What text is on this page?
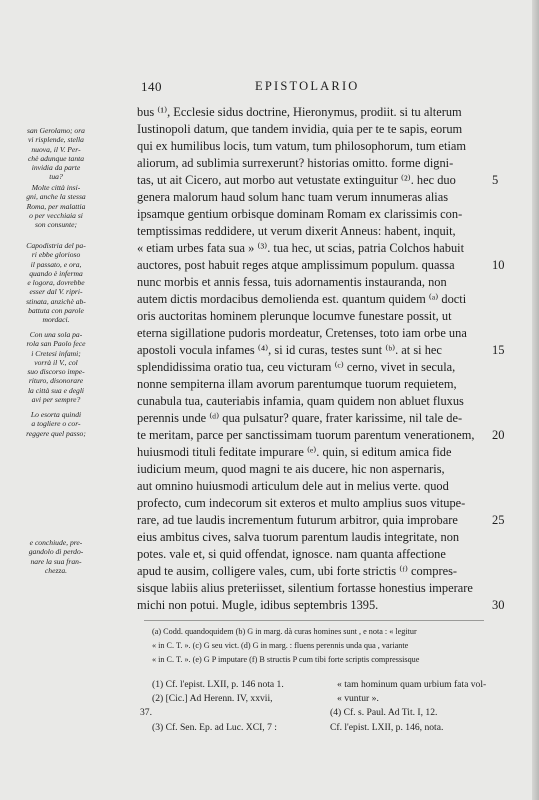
140	EPISTOLARIO
san Gerolamo; ora
vi risplende, stella
nuova, il V. Per-
chè adunque tanta
invidia da parte
tua?
Molte città insi-
gni, anche la stessa
Roma, per malattia
o per vecchiaia si
son consunte;
Capodistria del pa-
ri ebbe glorioso
il passato, e ora,
quando è inferma
e logora, dovrebbe
esser dal V. ripri-
stinata, anzichè ab-
battuta con parole
mordaci.
Con una sola pa-
rola san Paolo fece
i Cretesi infami;
vorrà il V., col
suo discorso impe-
rituro, disonorare
la città sua e degli
avi per sempre?
Lo esorta quindi
a togliere o cor-
reggere quel passo;
e conchiude, pre-
gandolo di perdo-
nare la sua fran-
chezza.
bus ⁽¹⁾, Ecclesie sidus doctrine, Hieronymus, prodiit. si tu alterum
Iustinopoli datum, que tandem invidia, quia per te te sapis, eorum
qui ex humilibus locis, tum vatum, tum philosophorum, tum etiam
aliorum, ad sublimia surrexerunt? historias omitto. forme digni-
tas, ut ait Cicero, aut morbo aut vetustate extinguitur ⁽²⁾. hec duo
genera malorum haud solum hanc tuam verum innumeras alias
ipsamque gentium orbisque dominam Romam ex clarissimis con-
temptissimas reddidere, ut verum dixerit Anneus: habent, inquit,
« etiam urbes fata sua » ⁽³⁾. tua hec, ut scias, patria Colchos habuit
auctores, post habuit reges atque amplissimum populum. quassa
nunc morbis et annis fessa, tuis adornamentis instauranda, non
autem dictis mordacibus demolienda est. quantum quidem ⁽ᵃ⁾ docti
oris auctoritas hominem plerunque locumve funestare possit, ut
eterna sigillatione pudoris mordeatur, Cretenses, toto iam orbe una
apostoli vocula infames ⁽⁴⁾, si id curas, testes sunt ⁽ᵇ⁾. at si hec
splendidissima oratio tua, ceu victuram ⁽ᶜ⁾ cerno, vivet in secula,
nonne sempiterna illam avorum parentumque tuorum requietem,
cunabula tua, cauteriabis infamia, quam quidem non abluet fluxus
perennis unde ⁽ᵈ⁾ qua pulsatur? quare, frater karissime, nil tale de-
te meritam, parce per sanctissimam tuorum parentum venerationem,
huiusmodi tituli feditate impurare ⁽ᵉ⁾. quin, si editum amica fide
iudicium meum, quod magni te ais ducere, hic non aspernaris,
aut omnino huiusmodi articulum dele aut in melius verte. quod
profecto, cum indecorum sit exteros et multo amplius suos vitupe-
rare, ad tue laudis incrementum futurum arbitror, quia improbare
eius ambitus cives, salva tuorum parentum laudis integritate, non
potes. vale et, si quid offendat, ignosce. nam quanta affectione
apud te ausim, colligere vales, cum, ubi forte strictis ⁽ᶠ⁾ compres-
sisque labiis alius preteriisset, silentium fortasse honestius imperare
michi non potui. Mugle, idibus septembris 1395.
5
10
15
20
25
30
(a) Codd. quandoquidem (b) G in marg. dà curas homines sunt , e nota : « legitur
« in C. T. ». (c) G seu vict. (d) G in marg. : fluens perennis unda qua , variante
« in C. T. ». (e) G P imputare (f) B structis P cum tibi forte scriptis compressisque
(1) Cf. l'epist. LXII, p. 146 nota 1.	« tam hominum quam urbium fata vol-
(2) [Cic.] Ad Herenn. IV, xxvii,	« vuntur ».
37.	(4) Cf. s. Paul. Ad Tit. I, 12.
(3) Cf. Sen. Ep. ad Luc. XCI, 7 :	Cf. l'epist. LXII, p. 146, nota.
